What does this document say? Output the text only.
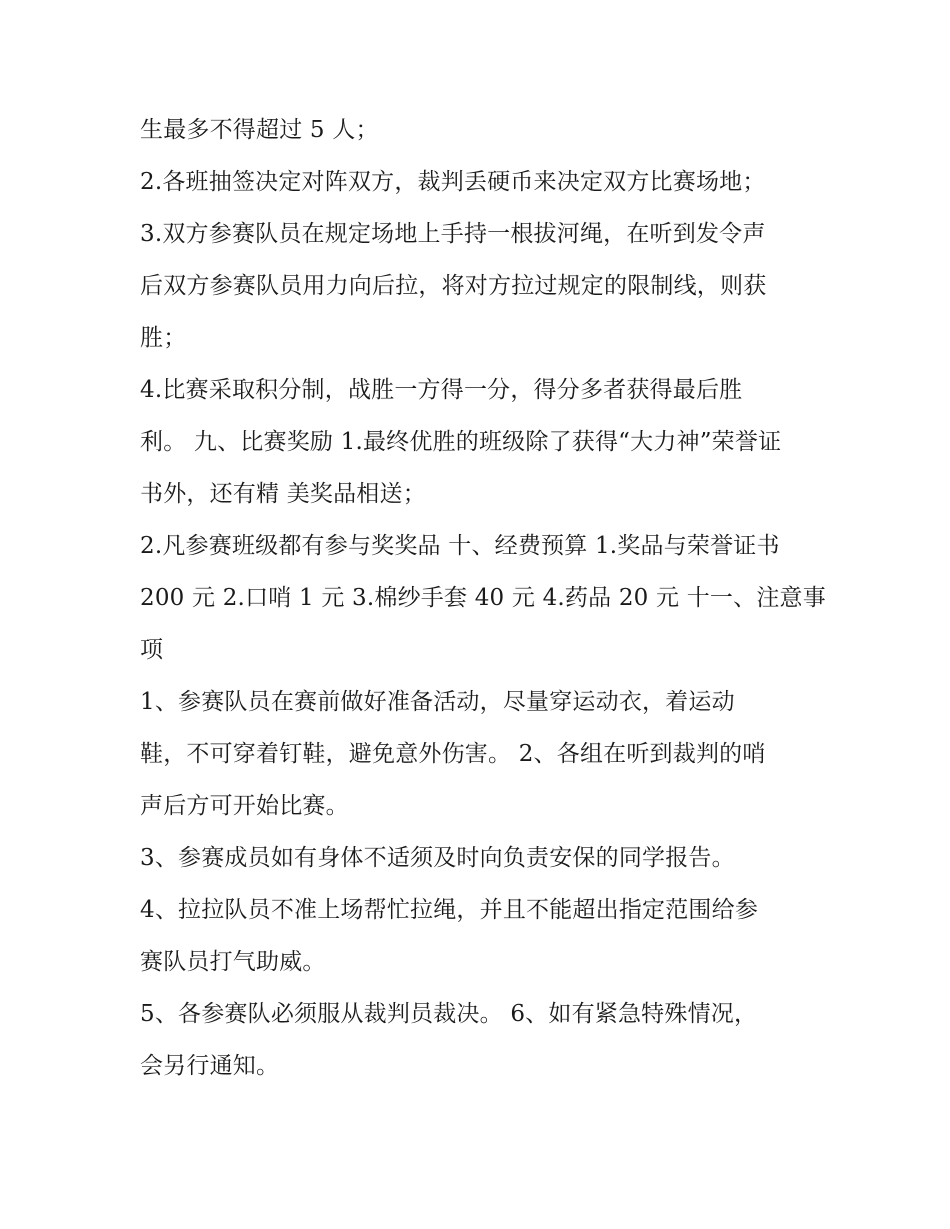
生最多不得超过 5 人；
2.各班抽签决定对阵双方，裁判丢硬币来决定双方比赛场地；
3.双方参赛队员在规定场地上手持一根拔河绳，在听到发令声
后双方参赛队员用力向后拉，将对方拉过规定的限制线，则获
胜；
4.比赛采取积分制，战胜一方得一分，得分多者获得最后胜
利。 九、比赛奖励 1.最终优胜的班级除了获得“大力神”荣誉证
书外，还有精 美奖品相送；
2.凡参赛班级都有参与奖奖品 十、经费预算 1.奖品与荣誉证书
200 元 2.口哨 1 元 3.棉纱手套 40 元 4.药品 20 元 十一、注意事
项
1、参赛队员在赛前做好准备活动，尽量穿运动衣，着运动
鞋，不可穿着钉鞋，避免意外伤害。 2、各组在听到裁判的哨
声后方可开始比赛。
3、参赛成员如有身体不适须及时向负责安保的同学报告。
4、拉拉队员不准上场帮忙拉绳，并且不能超出指定范围给参
赛队员打气助威。
5、各参赛队必须服从裁判员裁决。 6、如有紧急特殊情况，
会另行通知。
